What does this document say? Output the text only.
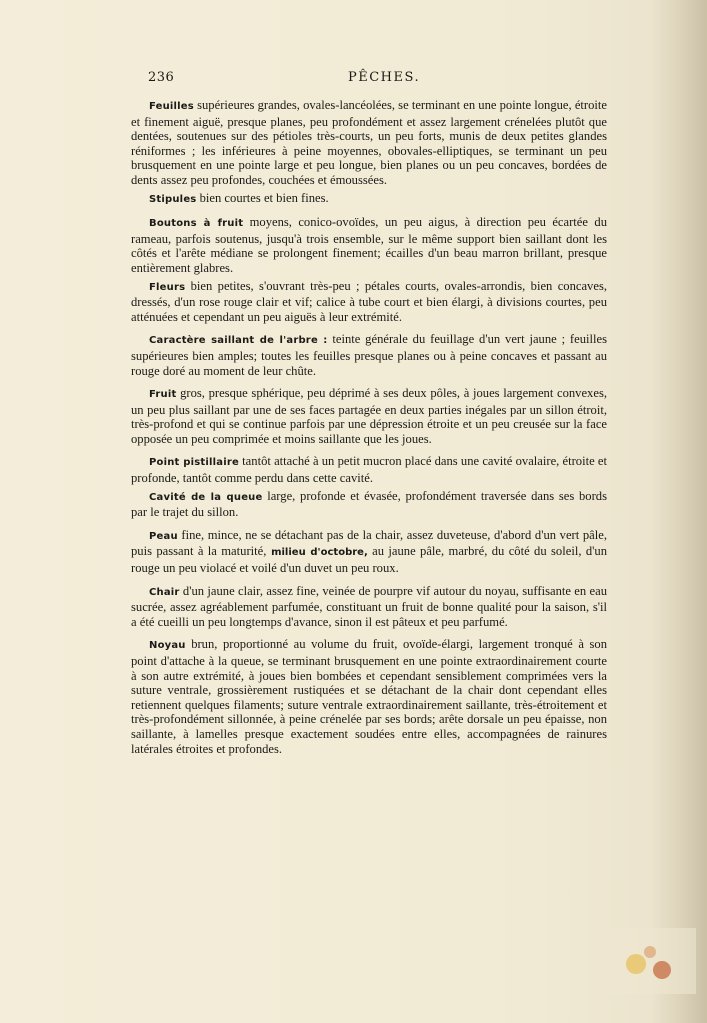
236	PÊCHES.

Feuilles supérieures grandes, ovales-lancéolées, se terminant en une pointe longue, étroite et finement aiguë, presque planes, peu profondément et assez largement crénelées plutôt que dentées, soutenues sur des pétioles très-courts, un peu forts, munis de deux petites glandes réniformes ; les inférieures à peine moyennes, obovales-elliptiques, se terminant un peu brusquement en une pointe large et peu longue, bien planes ou un peu concaves, bordées de dents assez peu profondes, couchées et émoussées.

Stipules bien courtes et bien fines.

Boutons à fruit moyens, conico-ovoïdes, un peu aigus, à direction peu écartée du rameau, parfois soutenus, jusqu'à trois ensemble, sur le même support bien saillant dont les côtés et l'arête médiane se prolongent finement; écailles d'un beau marron brillant, presque entièrement glabres.

Fleurs bien petites, s'ouvrant très-peu ; pétales courts, ovales-arrondis, bien concaves, dressés, d'un rose rouge clair et vif; calice à tube court et bien élargi, à divisions courtes, peu atténuées et cependant un peu aiguës à leur extrémité.

Caractère saillant de l'arbre : teinte générale du feuillage d'un vert jaune ; feuilles supérieures bien amples; toutes les feuilles presque planes ou à peine concaves et passant au rouge doré au moment de leur chûte.

Fruit gros, presque sphérique, peu déprimé à ses deux pôles, à joues largement convexes, un peu plus saillant par une de ses faces partagée en deux parties inégales par un sillon étroit, très-profond et qui se continue parfois par une dépression étroite et un peu creusée sur la face opposée un peu comprimée et moins saillante que les joues.

Point pistillaire tantôt attaché à un petit mucron placé dans une cavité ovalaire, étroite et profonde, tantôt comme perdu dans cette cavité.

Cavité de la queue large, profonde et évasée, profondément traversée dans ses bords par le trajet du sillon.

Peau fine, mince, ne se détachant pas de la chair, assez duveteuse, d'abord d'un vert pâle, puis passant à la maturité, milieu d'octobre, au jaune pâle, marbré, du côté du soleil, d'un rouge un peu violacé et voilé d'un duvet un peu roux.

Chair d'un jaune clair, assez fine, veinée de pourpre vif autour du noyau, suffisante en eau sucrée, assez agréablement parfumée, constituant un fruit de bonne qualité pour la saison, s'il a été cueilli un peu longtemps d'avance, sinon il est pâteux et peu parfumé.

Noyau brun, proportionné au volume du fruit, ovoïde-élargi, largement tronqué à son point d'attache à la queue, se terminant brusquement en une pointe extraordinairement courte à son autre extrémité, à joues bien bombées et cependant sensiblement comprimées vers la suture ventrale, grossièrement rustiquées et se détachant de la chair dont cependant elles retiennent quelques filaments; suture ventrale extraordinairement saillante, très-étroitement et très-profondément sillonnée, à peine crénelée par ses bords; arête dorsale un peu épaisse, non saillante, à lamelles presque exactement soudées entre elles, accompagnées de rainures latérales étroites et profondes.
